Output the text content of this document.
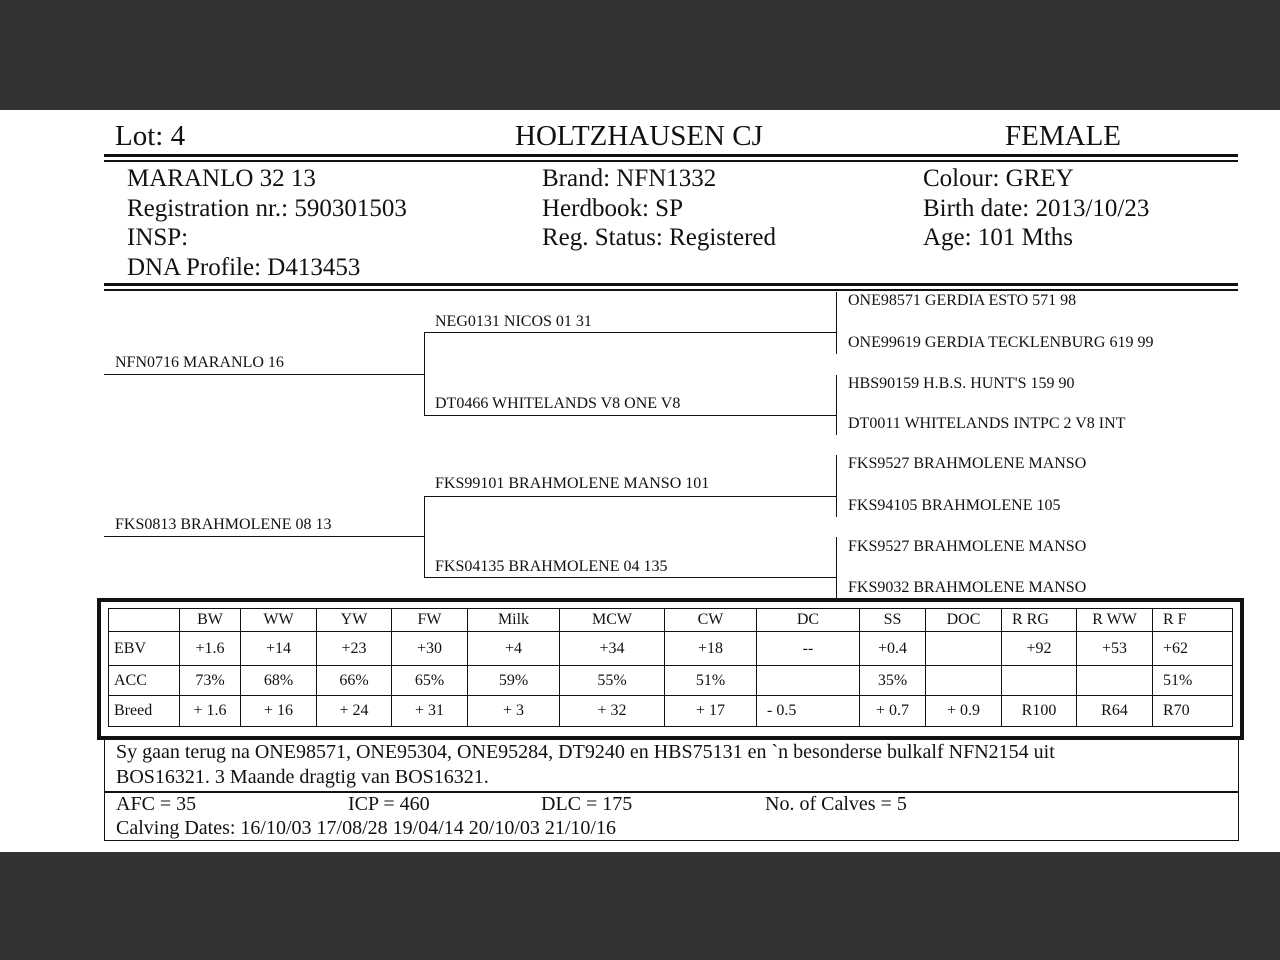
Lot: 4	HOLTZHAUSEN CJ	FEMALE
MARANLO 32 13
Registration nr.: 590301503
INSP:
DNA Profile: D413453
Brand: NFN1332
Herdbook: SP
Reg. Status: Registered
Colour: GREY
Birth date: 2013/10/23
Age: 101 Mths
NFN0716 MARANLO 16
FKS0813 BRAHMOLENE 08 13
NEG0131 NICOS 01 31
DT0466 WHITELANDS V8 ONE V8
FKS99101 BRAHMOLENE MANSO 101
FKS04135 BRAHMOLENE 04 135
ONE98571 GERDIA ESTO 571 98
ONE99619 GERDIA TECKLENBURG 619 99
HBS90159 H.B.S. HUNT'S 159 90
DT0011 WHITELANDS INTPC 2 V8 INT
FKS9527 BRAHMOLENE MANSO
FKS94105 BRAHMOLENE 105
FKS9527 BRAHMOLENE MANSO
FKS9032 BRAHMOLENE MANSO
	BW	WW	YW	FW	Milk	MCW	CW	DC	SS	DOC	R RG	R WW	R F
EBV	+1.6	+14	+23	+30	+4	+34	+18	--	+0.4		+92	+53	+62
ACC	73%	68%	66%	65%	59%	55%	51%		35%				51%
Breed	+ 1.6	+ 16	+ 24	+ 31	+ 3	+ 32	+ 17	- 0.5	+ 0.7	+ 0.9	R100	R64	R70
Sy gaan terug na ONE98571, ONE95304, ONE95284, DT9240 en HBS75131 en `n besonderse bulkalf NFN2154 uit
BOS16321. 3 Maande dragtig van BOS16321.
AFC = 35	ICP = 460	DLC = 175	No. of Calves = 5
Calving Dates: 16/10/03 17/08/28 19/04/14 20/10/03 21/10/16
